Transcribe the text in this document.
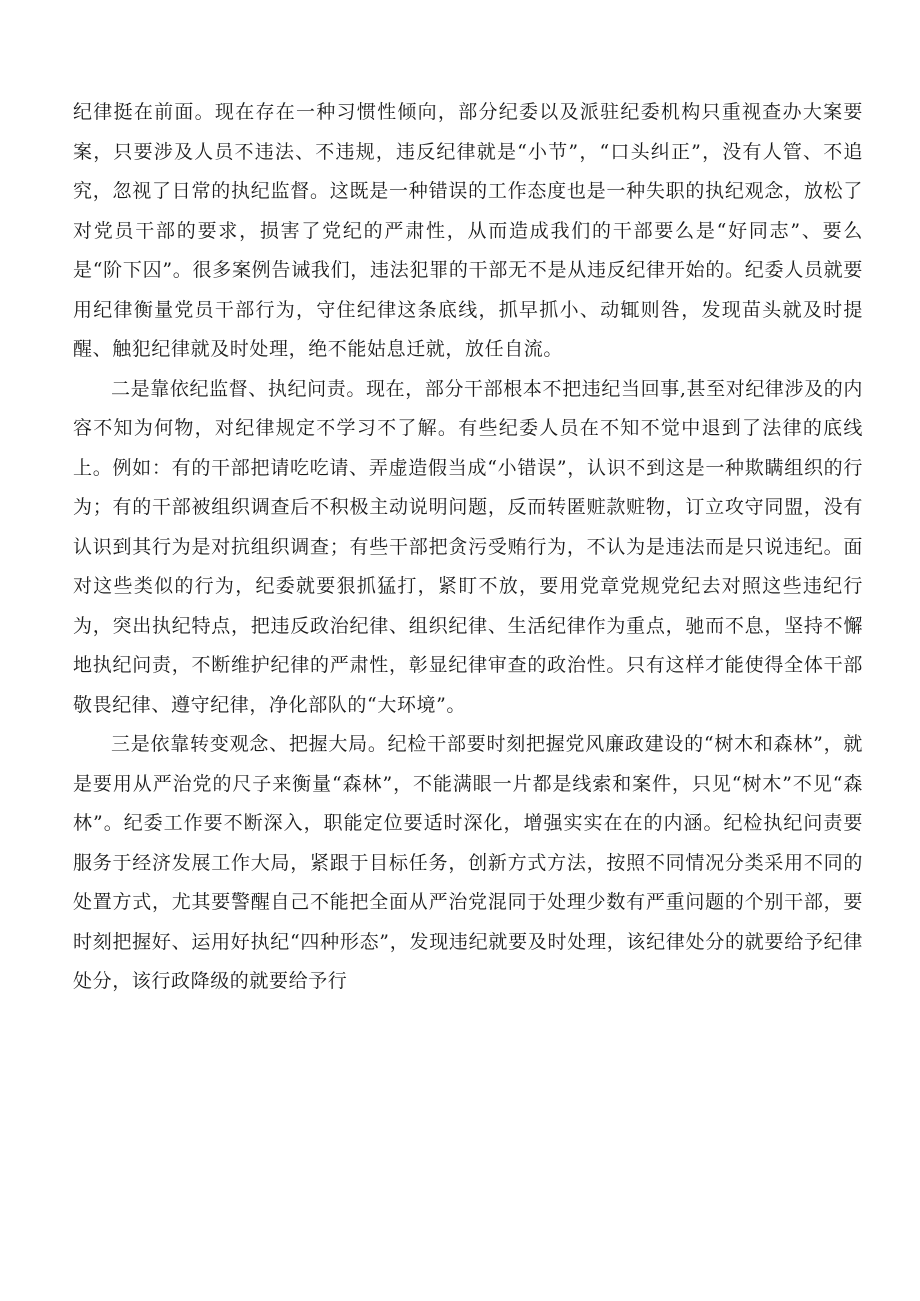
纪律挺在前面。现在存在一种习惯性倾向，部分纪委以及派驻纪委机构只重视查办大案要案，只要涉及人员不违法、不违规，违反纪律就是“小节”，“口头纠正”，没有人管、不追究，忽视了日常的执纪监督。这既是一种错误的工作态度也是一种失职的执纪观念，放松了对党员干部的要求，损害了党纪的严肃性，从而造成我们的干部要么是“好同志”、要么是“阶下囚”。很多案例告诫我们，违法犯罪的干部无不是从违反纪律开始的。纪委人员就要用纪律衡量党员干部行为，守住纪律这条底线，抓早抓小、动辄则咎，发现苗头就及时提醒、触犯纪律就及时处理，绝不能姑息迁就，放任自流。

二是靠依纪监督、执纪问责。现在，部分干部根本不把违纪当回事,甚至对纪律涉及的内容不知为何物，对纪律规定不学习不了解。有些纪委人员在不知不觉中退到了法律的底线上。例如：有的干部把请吃吃请、弄虚造假当成“小错误”，认识不到这是一种欺瞒组织的行为；有的干部被组织调查后不积极主动说明问题，反而转匿赃款赃物，订立攻守同盟，没有认识到其行为是对抗组织调查；有些干部把贪污受贿行为，不认为是违法而是只说违纪。面对这些类似的行为，纪委就要狠抓猛打，紧盯不放，要用党章党规党纪去对照这些违纪行为，突出执纪特点，把违反政治纪律、组织纪律、生活纪律作为重点，驰而不息，坚持不懈地执纪问责，不断维护纪律的严肃性，彰显纪律审查的政治性。只有这样才能使得全体干部敬畏纪律、遵守纪律，净化部队的“大环境”。

三是依靠转变观念、把握大局。纪检干部要时刻把握党风廉政建设的“树木和森林”，就是要用从严治党的尺子来衡量“森林”，不能满眼一片都是线索和案件，只见“树木”不见“森林”。纪委工作要不断深入，职能定位要适时深化，增强实实在在的内涵。纪检执纪问责要服务于经济发展工作大局，紧跟于目标任务，创新方式方法，按照不同情况分类采用不同的处置方式，尤其要警醒自己不能把全面从严治党混同于处理少数有严重问题的个别干部，要时刻把握好、运用好执纪“四种形态”，发现违纪就要及时处理，该纪律处分的就要给予纪律处分，该行政降级的就要给予行
